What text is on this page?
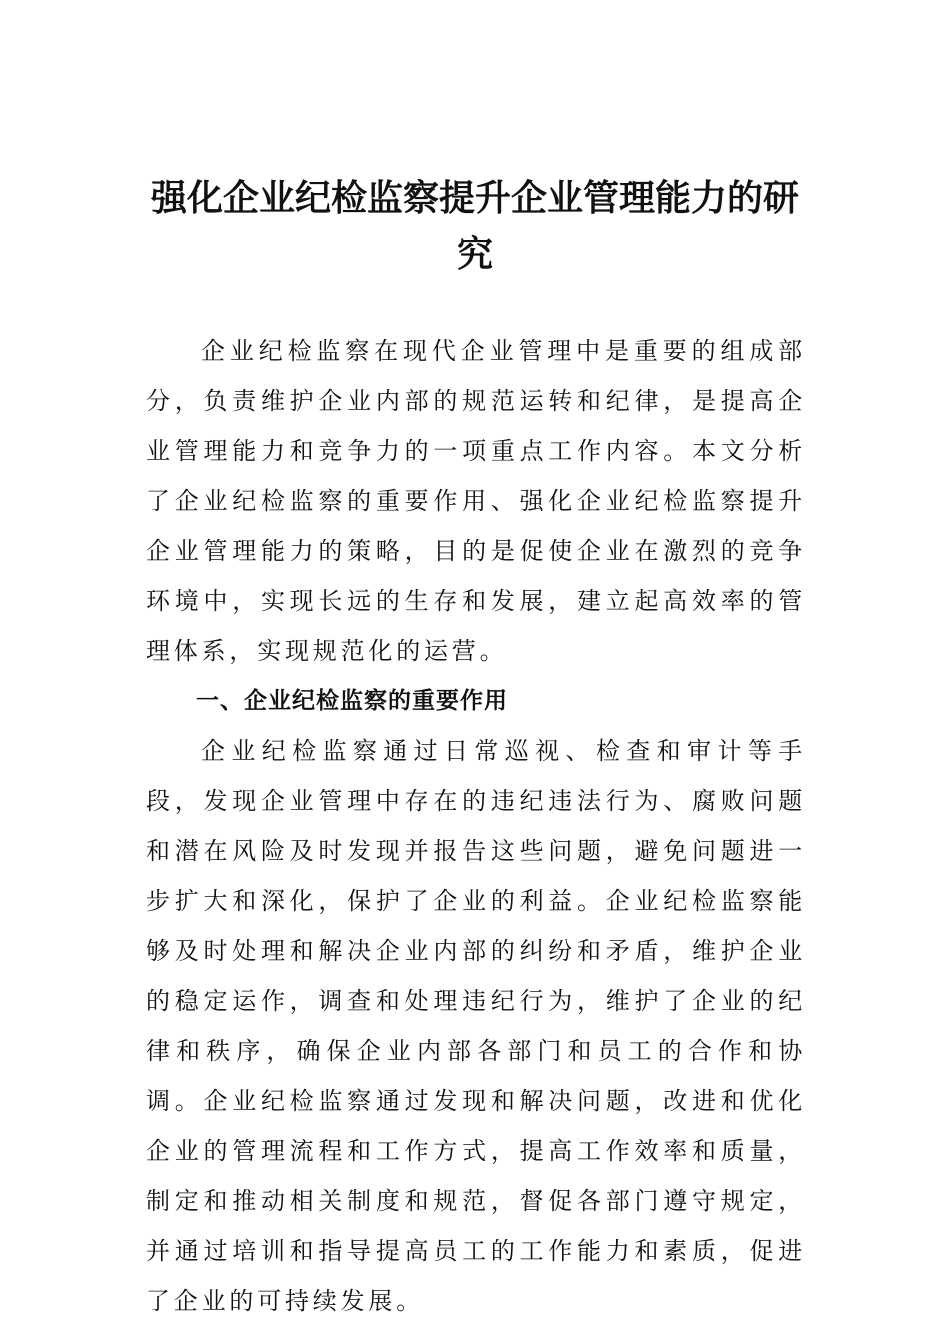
强化企业纪检监察提升企业管理能力的研究

企业纪检监察在现代企业管理中是重要的组成部分，负责维护企业内部的规范运转和纪律，是提高企业管理能力和竞争力的一项重点工作内容。本文分析了企业纪检监察的重要作用、强化企业纪检监察提升企业管理能力的策略，目的是促使企业在激烈的竞争环境中，实现长远的生存和发展，建立起高效率的管理体系，实现规范化的运营。

一、企业纪检监察的重要作用

企业纪检监察通过日常巡视、检查和审计等手段，发现企业管理中存在的违纪违法行为、腐败问题和潜在风险及时发现并报告这些问题，避免问题进一步扩大和深化，保护了企业的利益。企业纪检监察能够及时处理和解决企业内部的纠纷和矛盾，维护企业的稳定运作，调查和处理违纪行为，维护了企业的纪律和秩序，确保企业内部各部门和员工的合作和协调。企业纪检监察通过发现和解决问题，改进和优化企业的管理流程和工作方式，提高工作效率和质量，制定和推动相关制度和规范，督促各部门遵守规定，并通过培训和指导提高员工的工作能力和素质，促进了企业的可持续发展。
